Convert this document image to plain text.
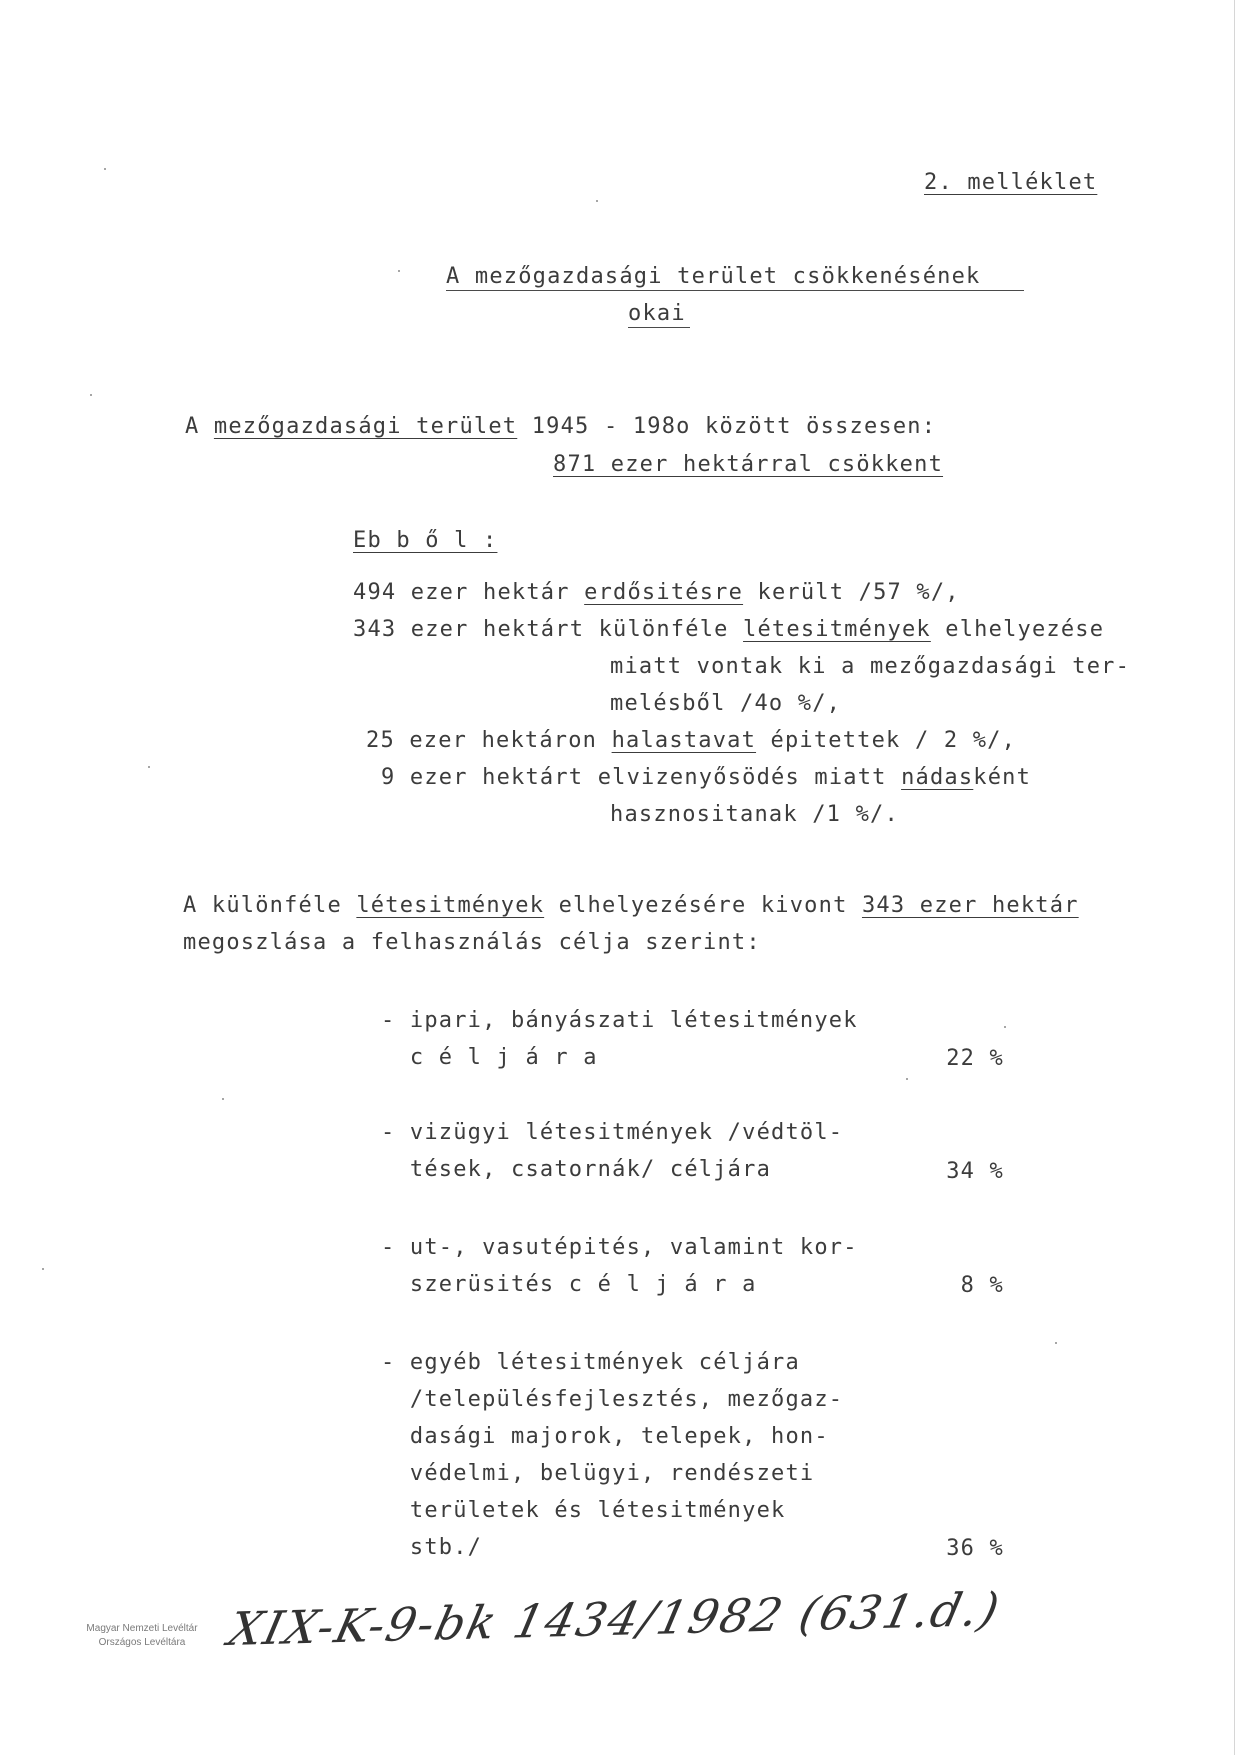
2. melléklet
A mezőgazdasági terület csökkenésének
okai
A mezőgazdasági terület 1945 - 198o között összesen:
871 ezer hektárral csökkent
Eb b ő l :
494 ezer hektár erdősitésre került /57 %/,
343 ezer hektárt különféle létesitmények elhelyezése
miatt vontak ki a mezőgazdasági ter-
melésből /4o %/,
25 ezer hektáron halastavat épitettek / 2 %/,
9 ezer hektárt elvizenyősödés miatt nádasként
hasznositanak /1 %/.
A különféle létesitmények elhelyezésére kivont 343 ezer hektár
megoszlása a felhasználás célja szerint:
- ipari, bányászati létesitmények
c é l j á r a	22 %
- vizügyi létesitmények /védtöl-
tések, csatornák/ céljára	34 %
- ut-, vasutépités, valamint kor-
szerüsités c é l j á r a	8 %
- egyéb létesitmények céljára
/településfejlesztés, mezőgaz-
dasági majorok, telepek, hon-
védelmi, belügyi, rendészeti
területek és létesitmények
stb./	36 %
Magyar Nemzeti Levéltár
Országos Levéltára XIX-K-9-bk 1434/1982 (631.d.)
